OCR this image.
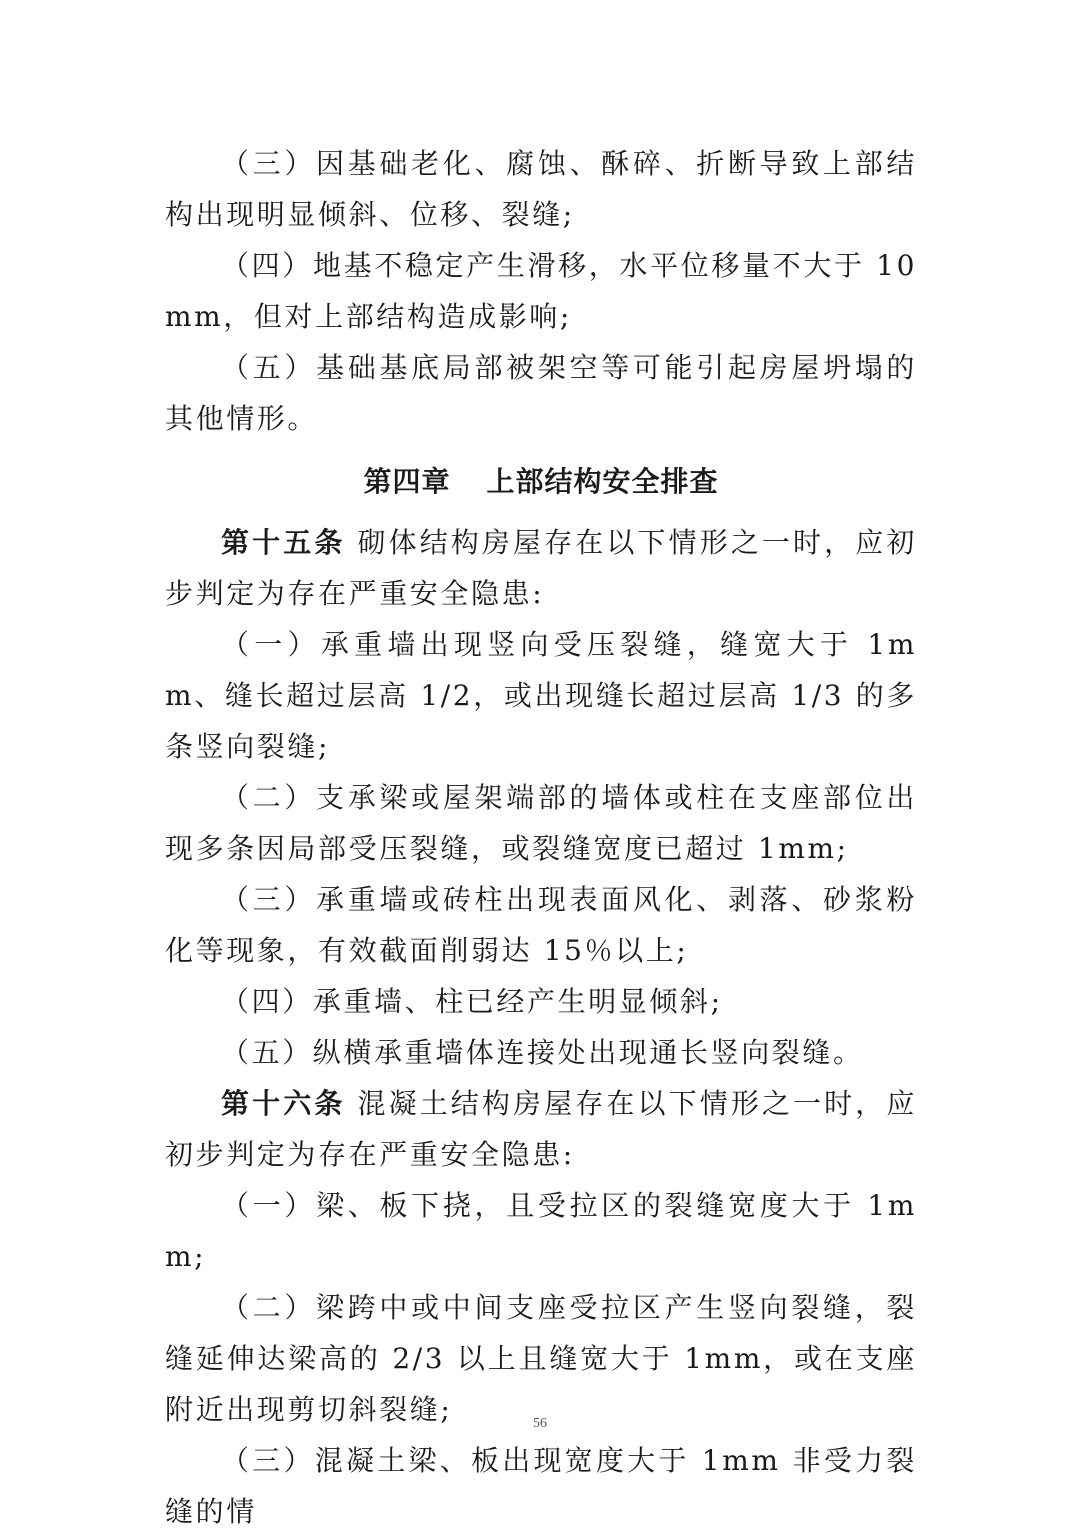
（三）因基础老化、腐蚀、酥碎、折断导致上部结构出现明显倾斜、位移、裂缝;

（四）地基不稳定产生滑移，水平位移量不大于 10mm，但对上部结构造成影响;

（五）基础基底局部被架空等可能引起房屋坍塌的其他情形。

第四章 上部结构安全排查

第十五条 砌体结构房屋存在以下情形之一时，应初步判定为存在严重安全隐患:

（一）承重墙出现竖向受压裂缝，缝宽大于 1mm、缝长超过层高 1/2，或出现缝长超过层高 1/3 的多条竖向裂缝;

（二）支承梁或屋架端部的墙体或柱在支座部位出现多条因局部受压裂缝，或裂缝宽度已超过 1mm;

（三）承重墙或砖柱出现表面风化、剥落、砂浆粉化等现象，有效截面削弱达 15％以上;

（四）承重墙、柱已经产生明显倾斜;

（五）纵横承重墙体连接处出现通长竖向裂缝。

第十六条 混凝土结构房屋存在以下情形之一时，应初步判定为存在严重安全隐患:

（一）梁、板下挠，且受拉区的裂缝宽度大于 1mm;

（二）梁跨中或中间支座受拉区产生竖向裂缝，裂缝延伸达梁高的 2/3 以上且缝宽大于 1mm，或在支座附近出现剪切斜裂缝;

（三）混凝土梁、板出现宽度大于 1mm 非受力裂缝的情

56
